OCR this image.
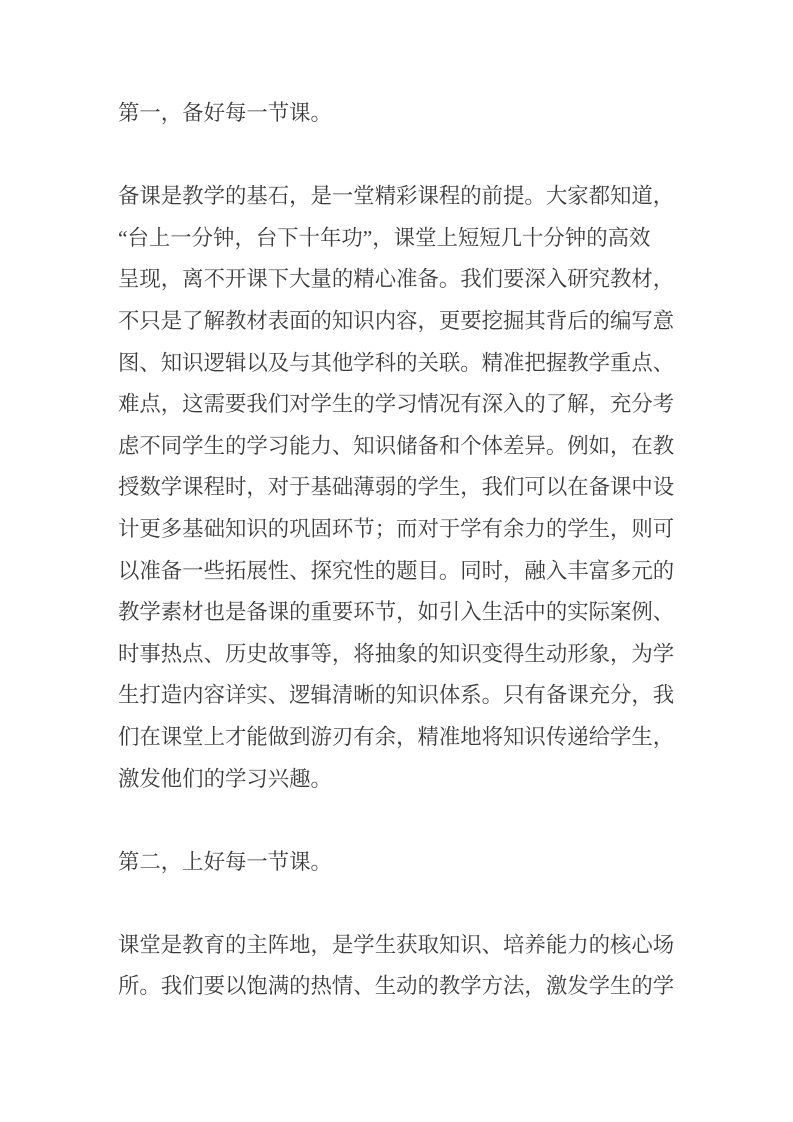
第一，备好每一节课。
备课是教学的基石，是一堂精彩课程的前提。大家都知道，
“台上一分钟，台下十年功”，课堂上短短几十分钟的高效
呈现，离不开课下大量的精心准备。我们要深入研究教材，
不只是了解教材表面的知识内容，更要挖掘其背后的编写意
图、知识逻辑以及与其他学科的关联。精准把握教学重点、
难点，这需要我们对学生的学习情况有深入的了解，充分考
虑不同学生的学习能力、知识储备和个体差异。例如，在教
授数学课程时，对于基础薄弱的学生，我们可以在备课中设
计更多基础知识的巩固环节；而对于学有余力的学生，则可
以准备一些拓展性、探究性的题目。同时，融入丰富多元的
教学素材也是备课的重要环节，如引入生活中的实际案例、
时事热点、历史故事等，将抽象的知识变得生动形象，为学
生打造内容详实、逻辑清晰的知识体系。只有备课充分，我
们在课堂上才能做到游刃有余，精准地将知识传递给学生，
激发他们的学习兴趣。
第二，上好每一节课。
课堂是教育的主阵地，是学生获取知识、培养能力的核心场
所。我们要以饱满的热情、生动的教学方法，激发学生的学
